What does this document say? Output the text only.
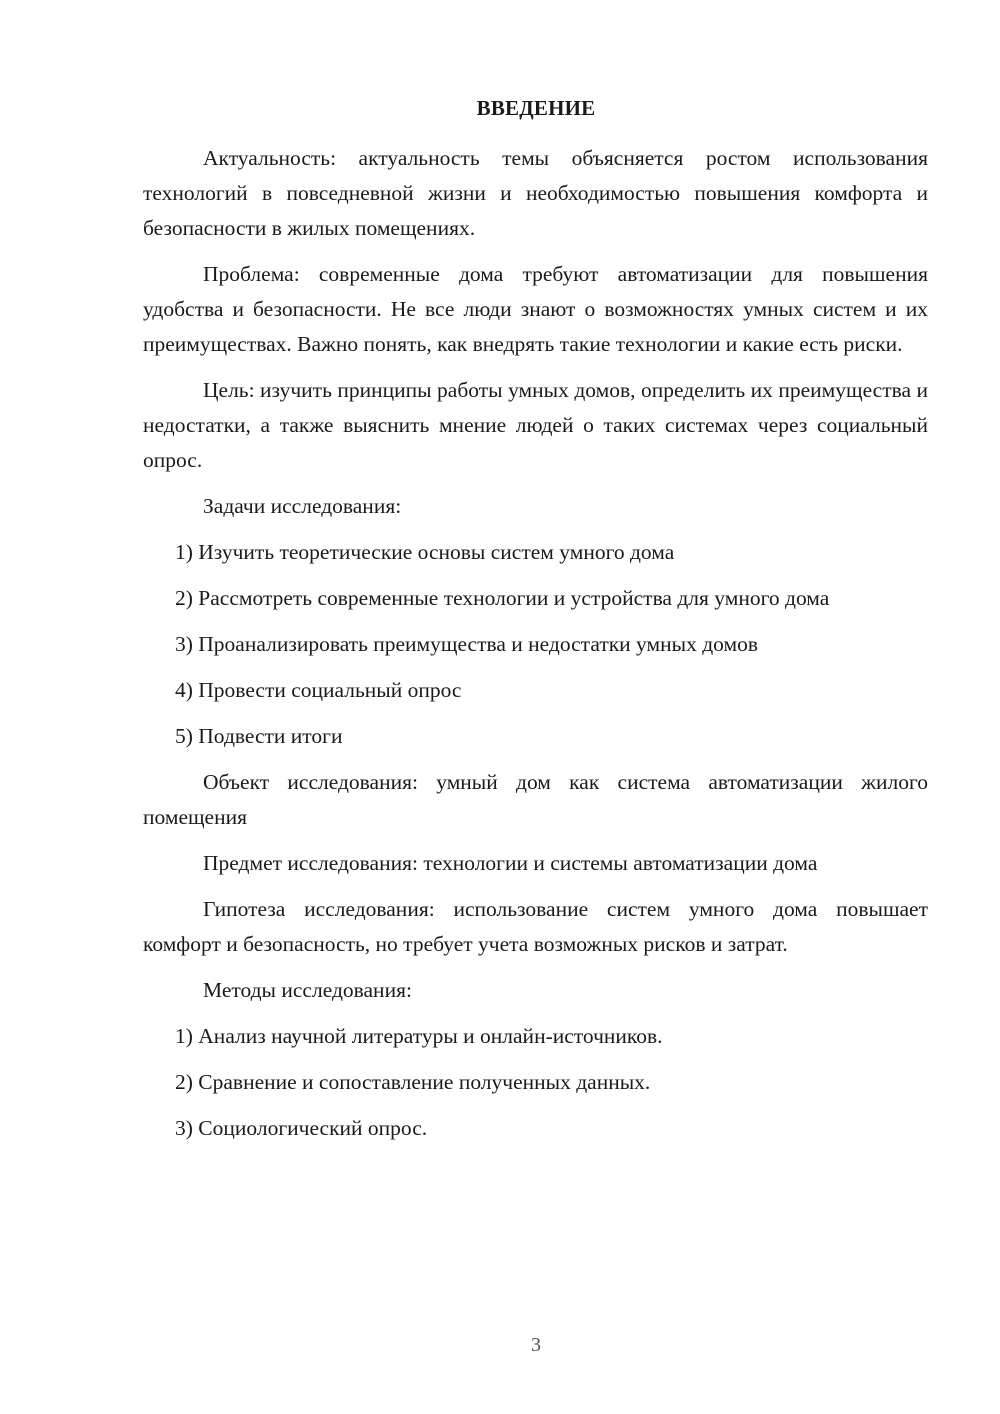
ВВЕДЕНИЕ

Актуальность: актуальность темы объясняется ростом использования технологий в повседневной жизни и необходимостью повышения комфорта и безопасности в жилых помещениях.

Проблема: современные дома требуют автоматизации для повышения удобства и безопасности. Не все люди знают о возможностях умных систем и их преимуществах. Важно понять, как внедрять такие технологии и какие есть риски.

Цель: изучить принципы работы умных домов, определить их преимущества и недостатки, а также выяснить мнение людей о таких системах через социальный опрос.

Задачи исследования:

1) Изучить теоретические основы систем умного дома

2) Рассмотреть современные технологии и устройства для умного дома

3) Проанализировать преимущества и недостатки умных домов

4) Провести социальный опрос

5) Подвести итоги

Объект исследования: умный дом как система автоматизации жилого помещения

Предмет исследования: технологии и системы автоматизации дома

Гипотеза исследования: использование систем умного дома повышает комфорт и безопасность, но требует учета возможных рисков и затрат.

Методы исследования:

1) Анализ научной литературы и онлайн-источников.

2) Сравнение и сопоставление полученных данных.

3) Социологический опрос.

3
